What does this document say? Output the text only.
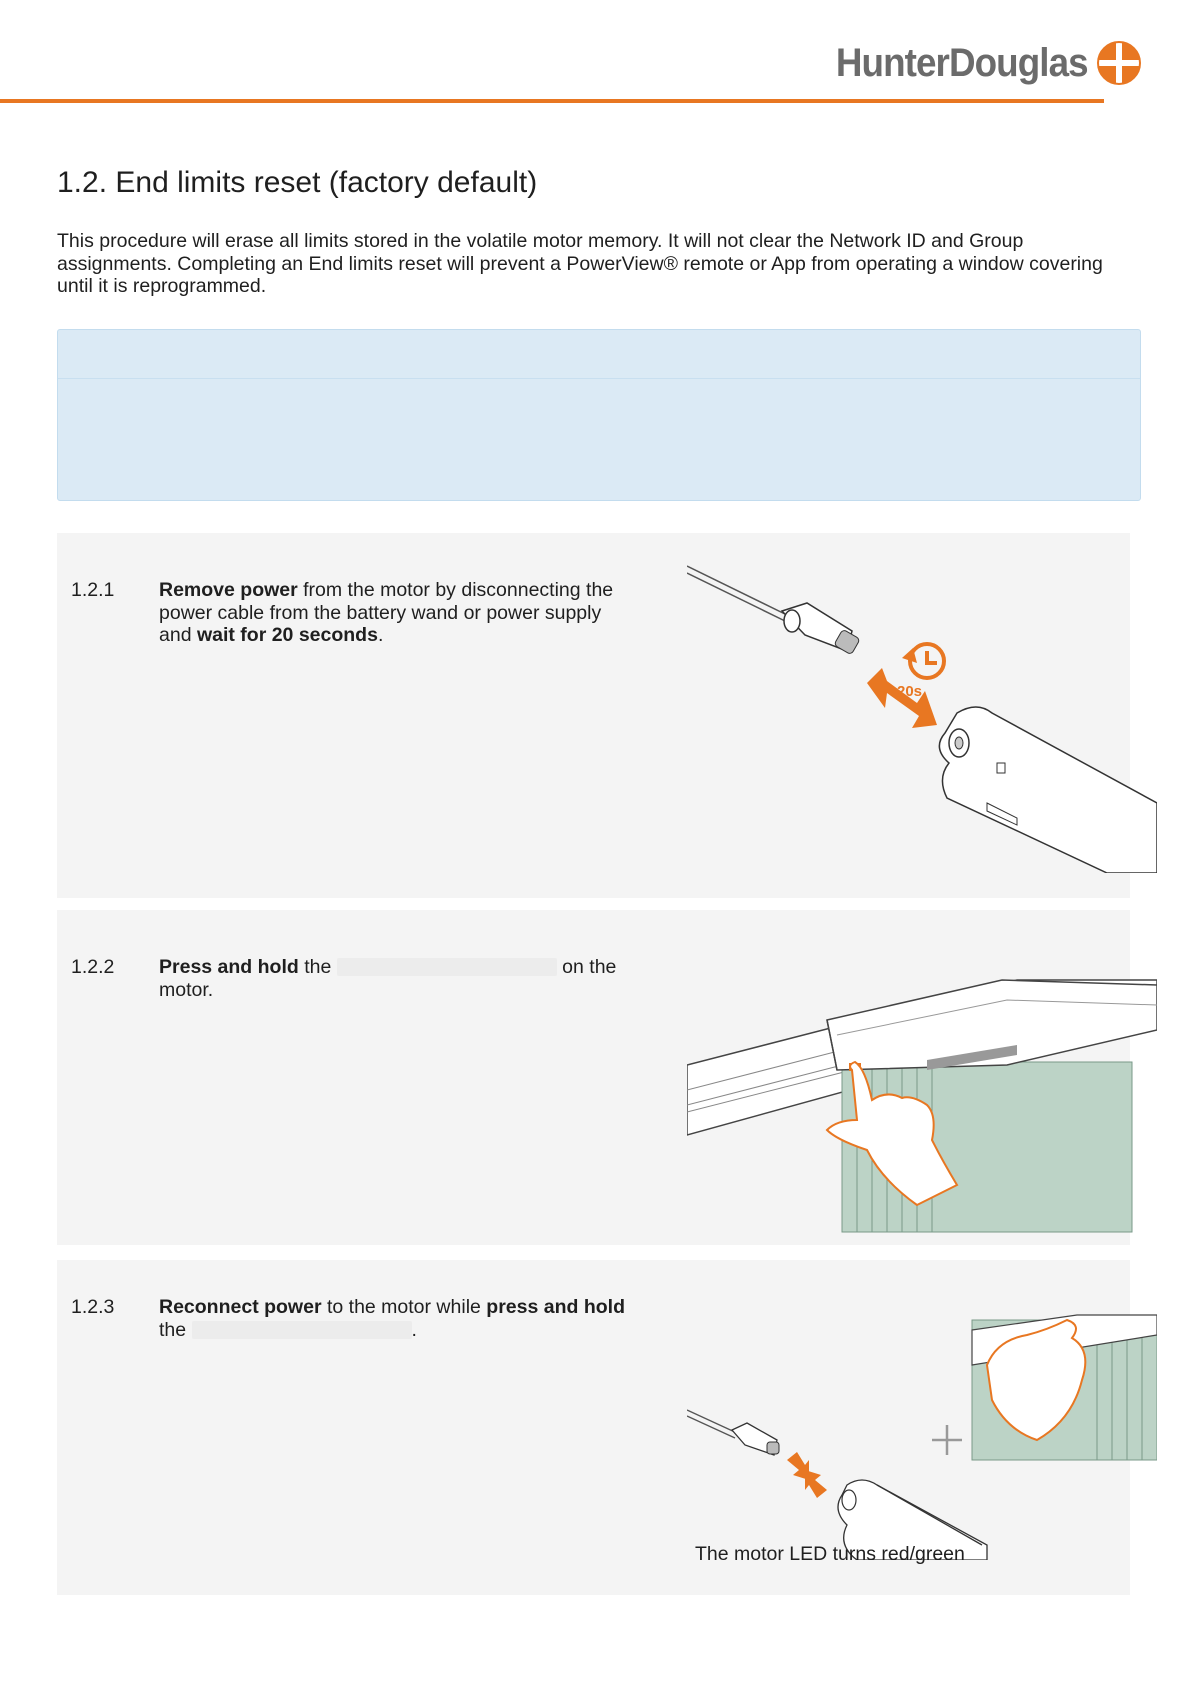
HunterDouglas
1.2. End limits reset (factory default)

This procedure will erase all limits stored in the volatile motor memory. It will not clear the Network ID and Group assignments. Completing an End limits reset will prevent a PowerView® remote or App from operating a window covering until it is reprogrammed.

1.2.1 Remove power from the motor by disconnecting the power cable from the battery wand or power supply and wait for 20 seconds.
20s
1.2.2 Press and hold the	on the motor.
1.2.3 Reconnect power to the motor while press and hold the	.
The motor LED turns red/green
